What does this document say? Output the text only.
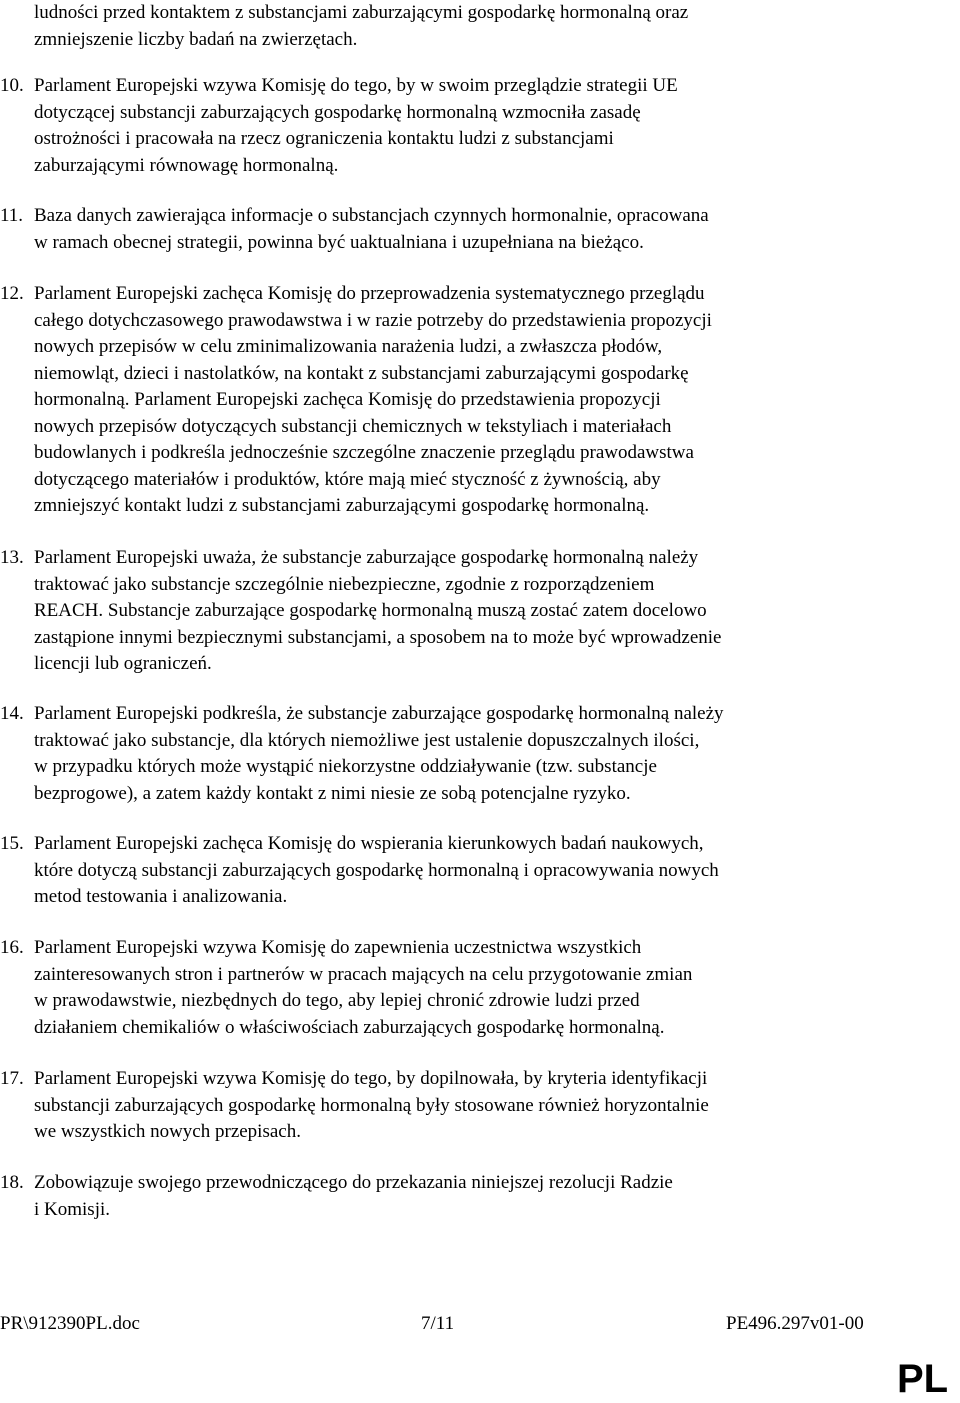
ludności przed kontaktem z substancjami zaburzającymi gospodarkę hormonalną oraz
zmniejszenie liczby badań na zwierzętach.
10. Parlament Europejski wzywa Komisję do tego, by w swoim przeglądzie strategii UE
dotyczącej substancji zaburzających gospodarkę hormonalną wzmocniła zasadę
ostrożności i pracowała na rzecz ograniczenia kontaktu ludzi z substancjami
zaburzającymi równowagę hormonalną.
11. Baza danych zawierająca informacje o substancjach czynnych hormonalnie, opracowana
w ramach obecnej strategii, powinna być uaktualniana i uzupełniana na bieżąco.
12. Parlament Europejski zachęca Komisję do przeprowadzenia systematycznego przeglądu
całego dotychczasowego prawodawstwa i w razie potrzeby do przedstawienia propozycji
nowych przepisów w celu zminimalizowania narażenia ludzi, a zwłaszcza płodów,
niemowląt, dzieci i nastolatków, na kontakt z substancjami zaburzającymi gospodarkę
hormonalną. Parlament Europejski zachęca Komisję do przedstawienia propozycji
nowych przepisów dotyczących substancji chemicznych w tekstyliach i materiałach
budowlanych i podkreśla jednocześnie szczególne znaczenie przeglądu prawodawstwa
dotyczącego materiałów i produktów, które mają mieć styczność z żywnością, aby
zmniejszyć kontakt ludzi z substancjami zaburzającymi gospodarkę hormonalną.
13. Parlament Europejski uważa, że substancje zaburzające gospodarkę hormonalną należy
traktować jako substancje szczególnie niebezpieczne, zgodnie z rozporządzeniem
REACH. Substancje zaburzające gospodarkę hormonalną muszą zostać zatem docelowo
zastąpione innymi bezpiecznymi substancjami, a sposobem na to może być wprowadzenie
licencji lub ograniczeń.
14. Parlament Europejski podkreśla, że substancje zaburzające gospodarkę hormonalną należy
traktować jako substancje, dla których niemożliwe jest ustalenie dopuszczalnych ilości,
w przypadku których może wystąpić niekorzystne oddziaływanie (tzw. substancje
bezprogowe), a zatem każdy kontakt z nimi niesie ze sobą potencjalne ryzyko.
15. Parlament Europejski zachęca Komisję do wspierania kierunkowych badań naukowych,
które dotyczą substancji zaburzających gospodarkę hormonalną i opracowywania nowych
metod testowania i analizowania.
16. Parlament Europejski wzywa Komisję do zapewnienia uczestnictwa wszystkich
zainteresowanych stron i partnerów w pracach mających na celu przygotowanie zmian
w prawodawstwie, niezbędnych do tego, aby lepiej chronić zdrowie ludzi przed
działaniem chemikaliów o właściwościach zaburzających gospodarkę hormonalną.
17. Parlament Europejski wzywa Komisję do tego, by dopilnowała, by kryteria identyfikacji
substancji zaburzających gospodarkę hormonalną były stosowane również horyzontalnie
we wszystkich nowych przepisach.
18. Zobowiązuje swojego przewodniczącego do przekazania niniejszej rezolucji Radzie
i Komisji.
PR\912390PL.doc	7/11	PE496.297v01-00
PL
